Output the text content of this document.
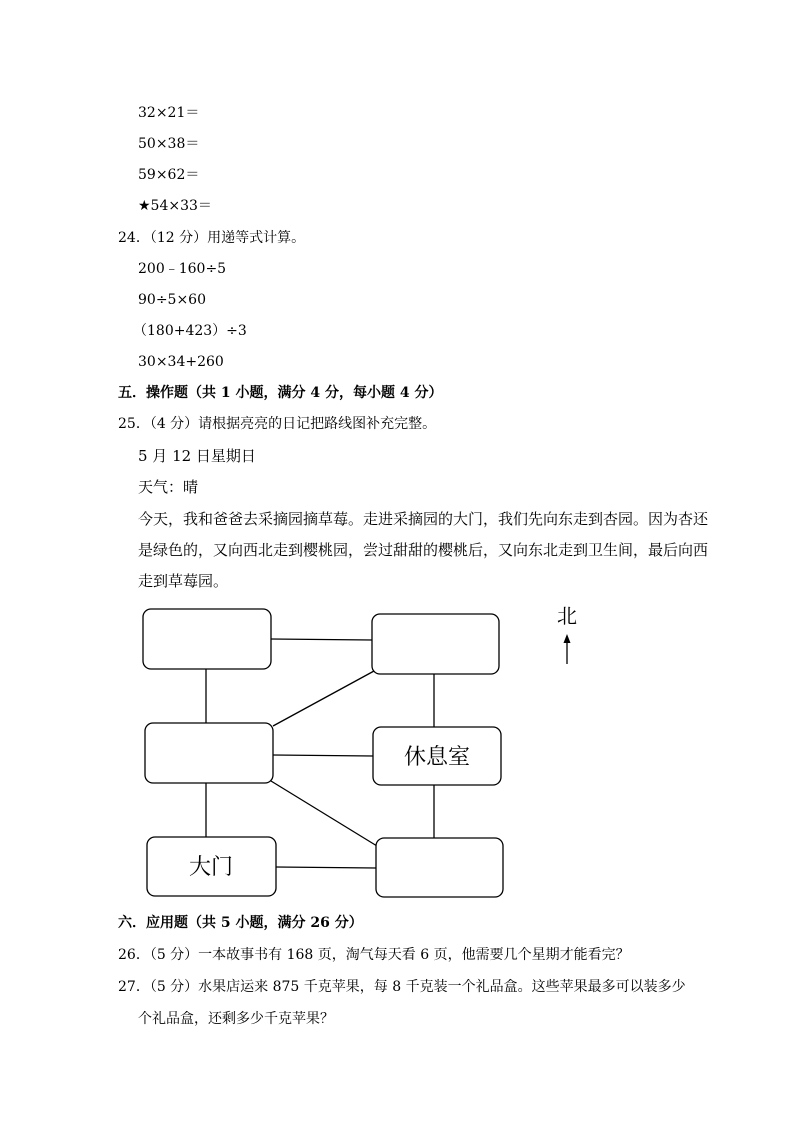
32×21＝
50×38＝
59×62＝
★54×33＝
24．（12 分）用递等式计算。
200﹣160÷5
90÷5×60
（180+423）÷3
30×34+260
五．操作题（共 1 小题，满分 4 分，每小题 4 分）
25．（4 分）请根据亮亮的日记把路线图补充完整。
5 月 12 日星期日
天气：晴
今天，我和爸爸去采摘园摘草莓。走进采摘园的大门，我们先向东走到杏园。因为杏还
是绿色的，又向西北走到樱桃园，尝过甜甜的樱桃后，又向东北走到卫生间，最后向西
走到草莓园。
休息室
大门
北
六．应用题（共 5 小题，满分 26 分）
26．（5 分）一本故事书有 168 页，淘气每天看 6 页，他需要几个星期才能看完？
27．（5 分）水果店运来 875 千克苹果，每 8 千克装一个礼品盒。这些苹果最多可以装多少
个礼品盒，还剩多少千克苹果？
